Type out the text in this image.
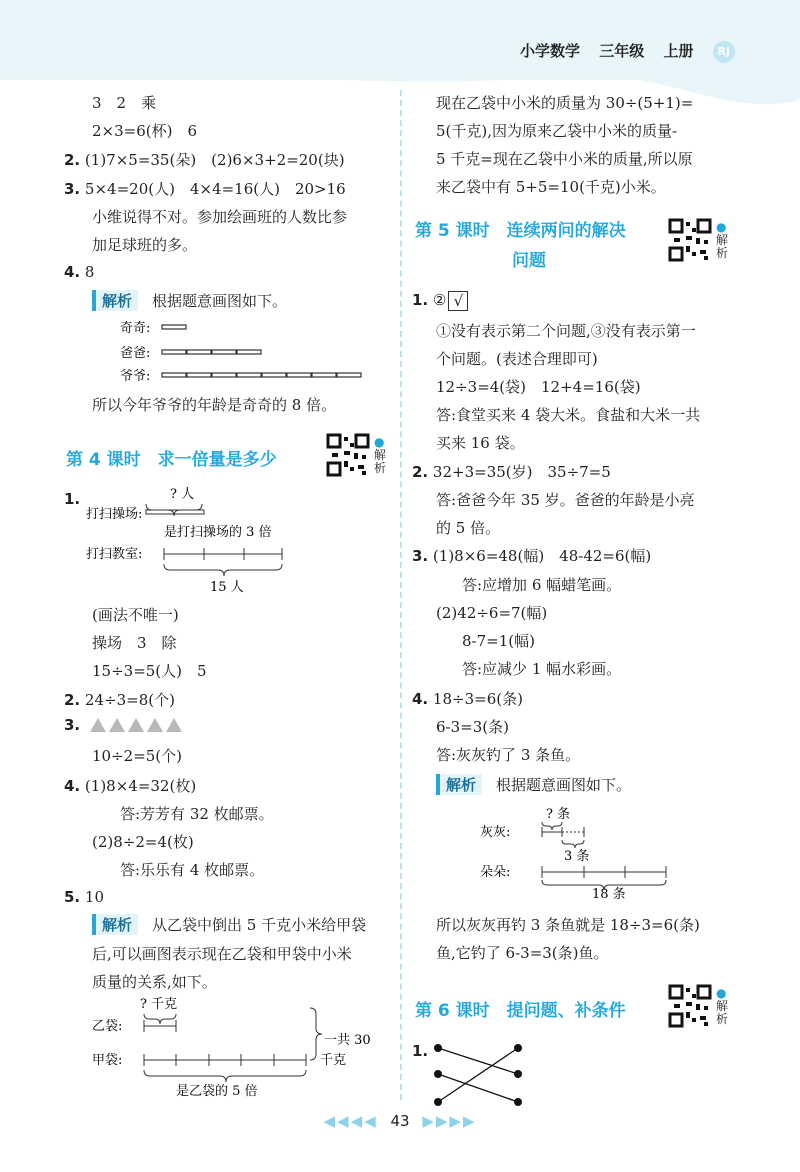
小学数学 三年级 上册 RJ
3　2　乘
2×3=6(杯)　6
2. (1)7×5=35(朵)　(2)6×3+2=20(块)
3. 5×4=20(人)　4×4=16(人)　20>16
小维说得不对。参加绘画班的人数比参
加足球班的多。
4. 8
解析 根据题意画图如下。
奇奇:
爸爸:
爷爷:
所以今年爷爷的年龄是奇奇的 8 倍。
第 4 课时　求一倍量是多少
●
解析
1.	? 人
打扫操场:
是打扫操场的 3 倍
打扫教室:
15 人
(画法不唯一)
操场　3　除
15÷3=5(人)　5
2. 24÷3=8(个)
3.
10÷2=5(个)
4. (1)8×4=32(枚)
答:芳芳有 32 枚邮票。
(2)8÷2=4(枚)
答:乐乐有 4 枚邮票。
5. 10
解析 从乙袋中倒出 5 千克小米给甲袋
后,可以画图表示现在乙袋和甲袋中小米
质量的关系,如下。
? 千克
乙袋:
甲袋:
一共 30
千克
是乙袋的 5 倍
现在乙袋中小米的质量为 30÷(5+1)=
5(千克),因为原来乙袋中小米的质量-
5 千克=现在乙袋中小米的质量,所以原
来乙袋中有 5+5=10(千克)小米。
第 5 课时　连续两问的解决
问题
●
解析
1. ② √
①没有表示第二个问题,③没有表示第一
个问题。(表述合理即可)
12÷3=4(袋)　12+4=16(袋)
答:食堂买来 4 袋大米。食盐和大米一共
买来 16 袋。
2. 32+3=35(岁)　35÷7=5
答:爸爸今年 35 岁。爸爸的年龄是小亮
的 5 倍。
3. (1)8×6=48(幅)　48-42=6(幅)
答:应增加 6 幅蜡笔画。
(2)42÷6=7(幅)
8-7=1(幅)
答:应减少 1 幅水彩画。
4. 18÷3=6(条)
6-3=3(条)
答:灰灰钓了 3 条鱼。
解析 根据题意画图如下。
? 条
灰灰:
3 条
朵朵:
18 条
所以灰灰再钓 3 条鱼就是 18÷3=6(条)
鱼,它钓了 6-3=3(条)鱼。
第 6 课时　提问题、补条件
●
解析
1.
◀◀◀◀ 43 ▶▶▶▶
